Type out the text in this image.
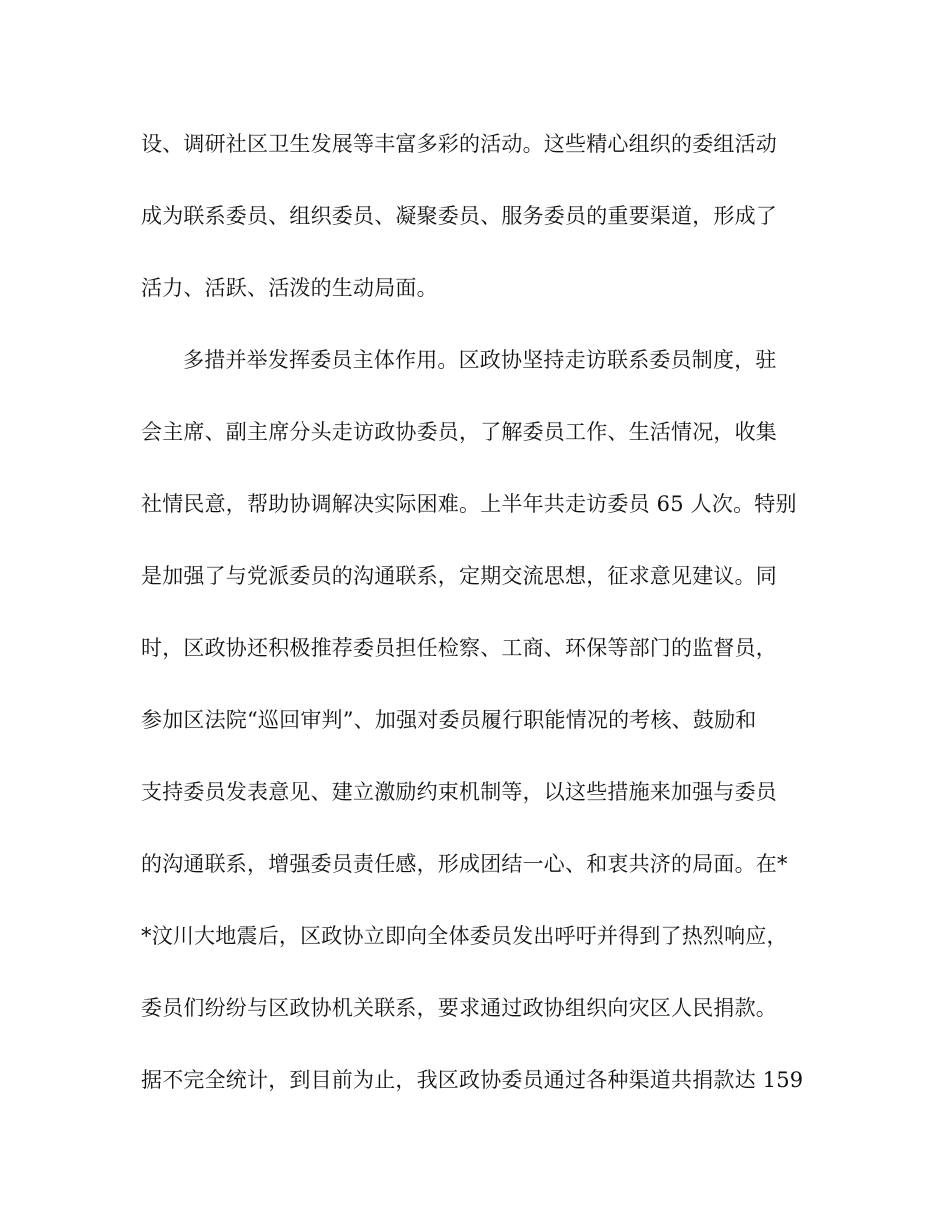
设、调研社区卫生发展等丰富多彩的活动。这些精心组织的委组活动
成为联系委员、组织委员、凝聚委员、服务委员的重要渠道，形成了
活力、活跃、活泼的生动局面。
多措并举发挥委员主体作用。区政协坚持走访联系委员制度，驻
会主席、副主席分头走访政协委员，了解委员工作、生活情况，收集
社情民意，帮助协调解决实际困难。上半年共走访委员 65 人次。特别
是加强了与党派委员的沟通联系，定期交流思想，征求意见建议。同
时，区政协还积极推荐委员担任检察、工商、环保等部门的监督员，
参加区法院“巡回审判”、加强对委员履行职能情况的考核、鼓励和
支持委员发表意见、建立激励约束机制等，以这些措施来加强与委员
的沟通联系，增强委员责任感，形成团结一心、和衷共济的局面。在*
*汶川大地震后，区政协立即向全体委员发出呼吁并得到了热烈响应，
委员们纷纷与区政协机关联系，要求通过政协组织向灾区人民捐款。
据不完全统计，到目前为止，我区政协委员通过各种渠道共捐款达 159
